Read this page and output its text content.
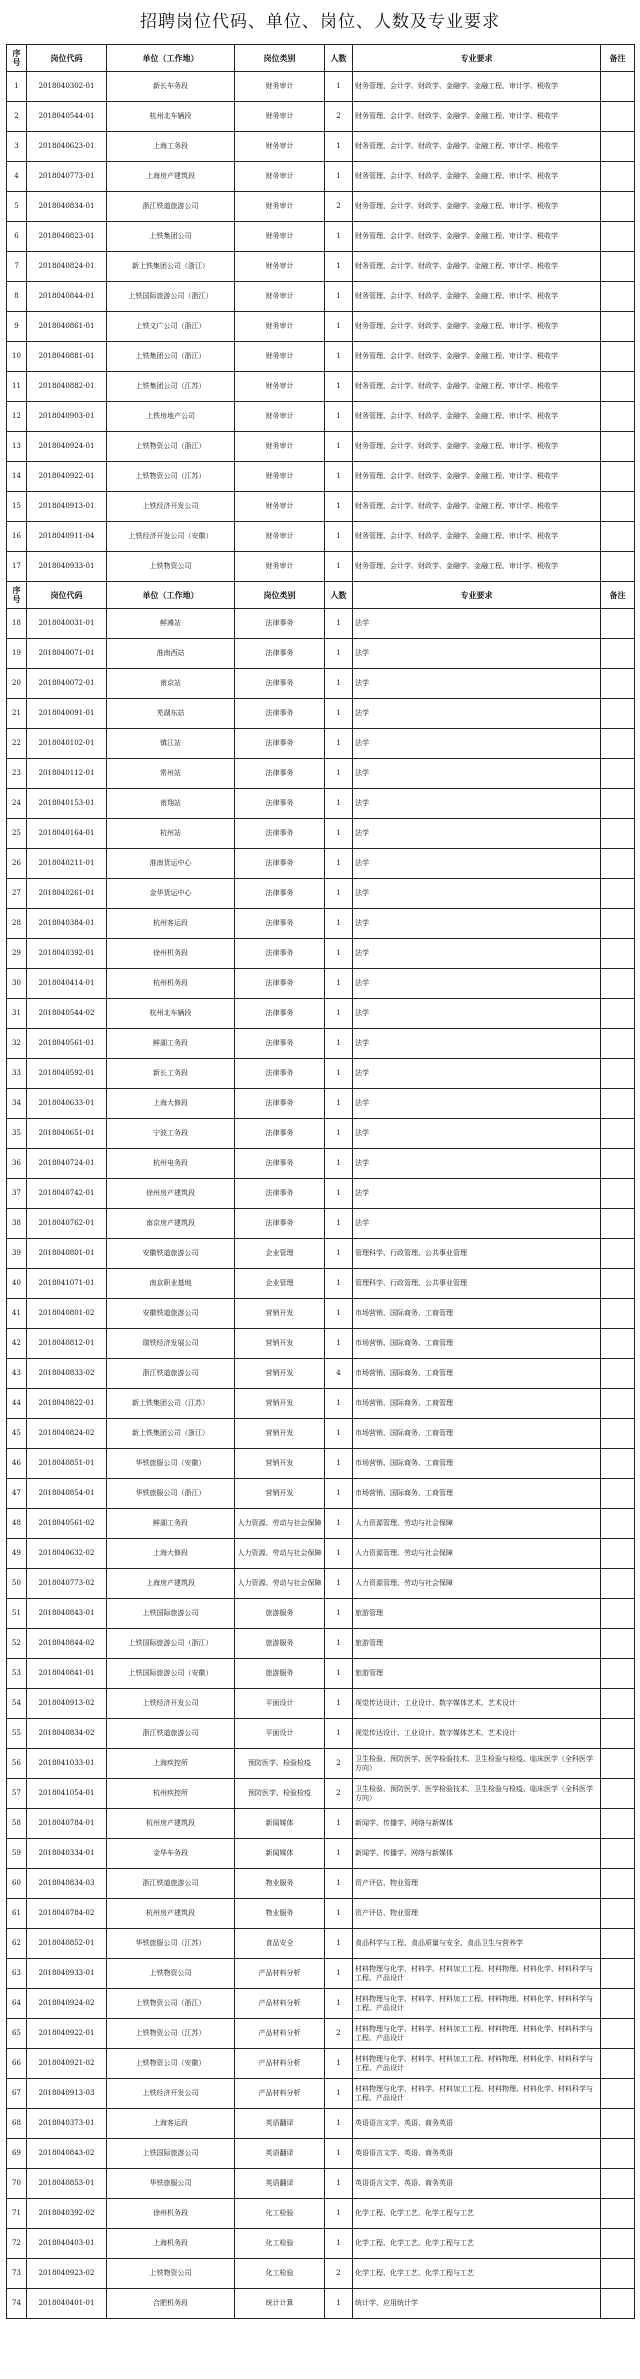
招聘岗位代码、单位、岗位、人数及专业要求
序号	岗位代码	单位（工作地）	岗位类别	人数	专业要求	备注
1	2018040302-01	新长车务段	财务审计	1	财务管理、会计学、财政学、金融学、金融工程、审计学、税收学	
2	2018040544-01	杭州北车辆段	财务审计	2	财务管理、会计学、财政学、金融学、金融工程、审计学、税收学	
3	2018040623-01	上海工务段	财务审计	1	财务管理、会计学、财政学、金融学、金融工程、审计学、税收学	
4	2018040773-01	上海房产建筑段	财务审计	1	财务管理、会计学、财政学、金融学、金融工程、审计学、税收学	
5	2018040834-01	浙江铁道旅游公司	财务审计	2	财务管理、会计学、财政学、金融学、金融工程、审计学、税收学	
6	2018040823-01	上铁集团公司	财务审计	1	财务管理、会计学、财政学、金融学、金融工程、审计学、税收学	
7	2018040824-01	新上铁集团公司（浙江）	财务审计	1	财务管理、会计学、财政学、金融学、金融工程、审计学、税收学	
8	2018040844-01	上铁国际旅游公司（浙江）	财务审计	1	财务管理、会计学、财政学、金融学、金融工程、审计学、税收学	
9	2018040861-01	上铁文广公司（浙江）	财务审计	1	财务管理、会计学、财政学、金融学、金融工程、审计学、税收学	
10	2018040881-01	上铁集团公司（浙江）	财务审计	1	财务管理、会计学、财政学、金融学、金融工程、审计学、税收学	
11	2018040882-01	上铁集团公司（江苏）	财务审计	1	财务管理、会计学、财政学、金融学、金融工程、审计学、税收学	
12	2018040903-01	上铁房地产公司	财务审计	1	财务管理、会计学、财政学、金融学、金融工程、审计学、税收学	
13	2018040924-01	上铁物资公司（浙江）	财务审计	1	财务管理、会计学、财政学、金融学、金融工程、审计学、税收学	
14	2018040922-01	上铁物资公司（江苏）	财务审计	1	财务管理、会计学、财政学、金融学、金融工程、审计学、税收学	
15	2018040913-01	上铁经济开发公司	财务审计	1	财务管理、会计学、财政学、金融学、金融工程、审计学、税收学	
16	2018040911-04	上铁经济开发公司（安徽）	财务审计	1	财务管理、会计学、财政学、金融学、金融工程、审计学、税收学	
17	2018040933-01	上铁物资公司	财务审计	1	财务管理、会计学、财政学、金融学、金融工程、审计学、税收学	
序号	岗位代码	单位（工作地）	岗位类别	人数	专业要求	备注
18	2018040031-01	鲜滩站	法律事务	1	法学	
19	2018040071-01	淮南西站	法律事务	1	法学	
20	2018040072-01	南京站	法律事务	1	法学	
21	2018040091-01	芜湖东站	法律事务	1	法学	
22	2018040102-01	镇江站	法律事务	1	法学	
23	2018040112-01	常州站	法律事务	1	法学	
24	2018040153-01	南翔站	法律事务	1	法学	
25	2018040164-01	杭州站	法律事务	1	法学	
26	2018040211-01	淮南货运中心	法律事务	1	法学	
27	2018040261-01	金华货运中心	法律事务	1	法学	
28	2018040384-01	杭州客运段	法律事务	1	法学	
29	2018040392-01	徐州机务段	法律事务	1	法学	
30	2018040414-01	杭州机务段	法律事务	1	法学	
31	2018040544-02	杭州北车辆段	法律事务	1	法学	
32	2018040561-01	鲜湖工务段	法律事务	1	法学	
33	2018040592-01	新长工务段	法律事务	1	法学	
34	2018040633-01	上海大修段	法律事务	1	法学	
35	2018040651-01	宁波工务段	法律事务	1	法学	
36	2018040724-01	杭州电务段	法律事务	1	法学	
37	2018040742-01	徐州房产建筑段	法律事务	1	法学	
38	2018040762-01	南京房产建筑段	法律事务	1	法学	
39	2018040801-01	安徽铁道旅游公司	企业管理	1	管理科学、行政管理、公共事业管理	
40	2018041071-01	南京职业基地	企业管理	1	管理科学、行政管理、公共事业管理	
41	2018040801-02	安徽铁道旅游公司	营销开发	1	市场营销、国际商务、工商管理	
42	2018040812-01	瑞铁经济发展公司	营销开发	1	市场营销、国际商务、工商管理	
43	2018040833-02	浙江铁道旅游公司	营销开发	4	市场营销、国际商务、工商管理	
44	2018040822-01	新上铁集团公司（江苏）	营销开发	1	市场营销、国际商务、工商管理	
45	2018040824-02	新上铁集团公司（浙江）	营销开发	1	市场营销、国际商务、工商管理	
46	2018040851-01	华铁旅服公司（安徽）	营销开发	1	市场营销、国际商务、工商管理	
47	2018040854-01	华铁旅服公司（浙江）	营销开发	1	市场营销、国际商务、工商管理	
48	2018040561-02	鲜湖工务段	人力资源、劳动与社会保障	1	人力资源管理、劳动与社会保障	
49	2018040632-02	上海大修段	人力资源、劳动与社会保障	1	人力资源管理、劳动与社会保障	
50	2018040773-02	上海房产建筑段	人力资源、劳动与社会保障	1	人力资源管理、劳动与社会保障	
51	2018040843-01	上铁国际旅游公司	旅游服务	1	旅游管理	
52	2018040844-02	上铁国际旅游公司（浙江）	旅游服务	1	旅游管理	
53	2018040841-01	上铁国际旅游公司（安徽）	旅游服务	1	旅游管理	
54	2018040913-02	上铁经济开发公司	平面设计	1	视觉传达设计、工业设计、数字媒体艺术、艺术设计	
55	2018040834-02	浙江铁道旅游公司	平面设计	1	视觉传达设计、工业设计、数字媒体艺术、艺术设计	
56	2018041033-01	上海疾控所	预防医学、检验检疫	2	卫生检验、预防医学、医学检验技术、卫生检验与检疫、临床医学（全科医学方向）	
57	2018041054-01	杭州疾控所	预防医学、检验检疫	2	卫生检验、预防医学、医学检验技术、卫生检验与检疫、临床医学（全科医学方向）	
58	2018040784-01	杭州房产建筑段	新闻媒体	1	新闻学、传播学、网络与新媒体	
59	2018040334-01	金华车务段	新闻媒体	1	新闻学、传播学、网络与新媒体	
60	2018040834-03	浙江铁道旅游公司	物业服务	1	资产评估、物业管理	
61	2018040784-02	杭州房产建筑段	物业服务	1	资产评估、物业管理	
62	2018040852-01	华铁旅服公司（江苏）	食品安全	1	食品科学与工程、食品质量与安全、食品卫生与营养学	
63	2018040933-01	上铁物资公司	产品材料分析	1	材料物理与化学、材料学、材料加工工程、材料物理、材料化学、材料科学与工程、产品设计	
64	2018040924-02	上铁物资公司（浙江）	产品材料分析	1	材料物理与化学、材料学、材料加工工程、材料物理、材料化学、材料科学与工程、产品设计	
65	2018040922-01	上铁物资公司（江苏）	产品材料分析	2	材料物理与化学、材料学、材料加工工程、材料物理、材料化学、材料科学与工程、产品设计	
66	2018040921-02	上铁物资公司（安徽）	产品材料分析	1	材料物理与化学、材料学、材料加工工程、材料物理、材料化学、材料科学与工程、产品设计	
67	2018040913-03	上铁经济开发公司	产品材料分析	1	材料物理与化学、材料学、材料加工工程、材料物理、材料化学、材料科学与工程、产品设计	
68	2018040373-01	上海客运段	英语翻译	1	英语语言文学、英语、商务英语	
69	2018040843-02	上铁国际旅游公司	英语翻译	1	英语语言文学、英语、商务英语	
70	2018040853-01	华铁旅服公司	英语翻译	1	英语语言文学、英语、商务英语	
71	2018040392-02	徐州机务段	化工检验	1	化学工程、化学工艺、化学工程与工艺	
72	2018040403-01	上海机务段	化工检验	1	化学工程、化学工艺、化学工程与工艺	
73	2018040923-02	上铁物资公司	化工检验	2	化学工程、化学工艺、化学工程与工艺	
74	2018040401-01	合肥机务段	统计计算	1	统计学、应用统计学	
